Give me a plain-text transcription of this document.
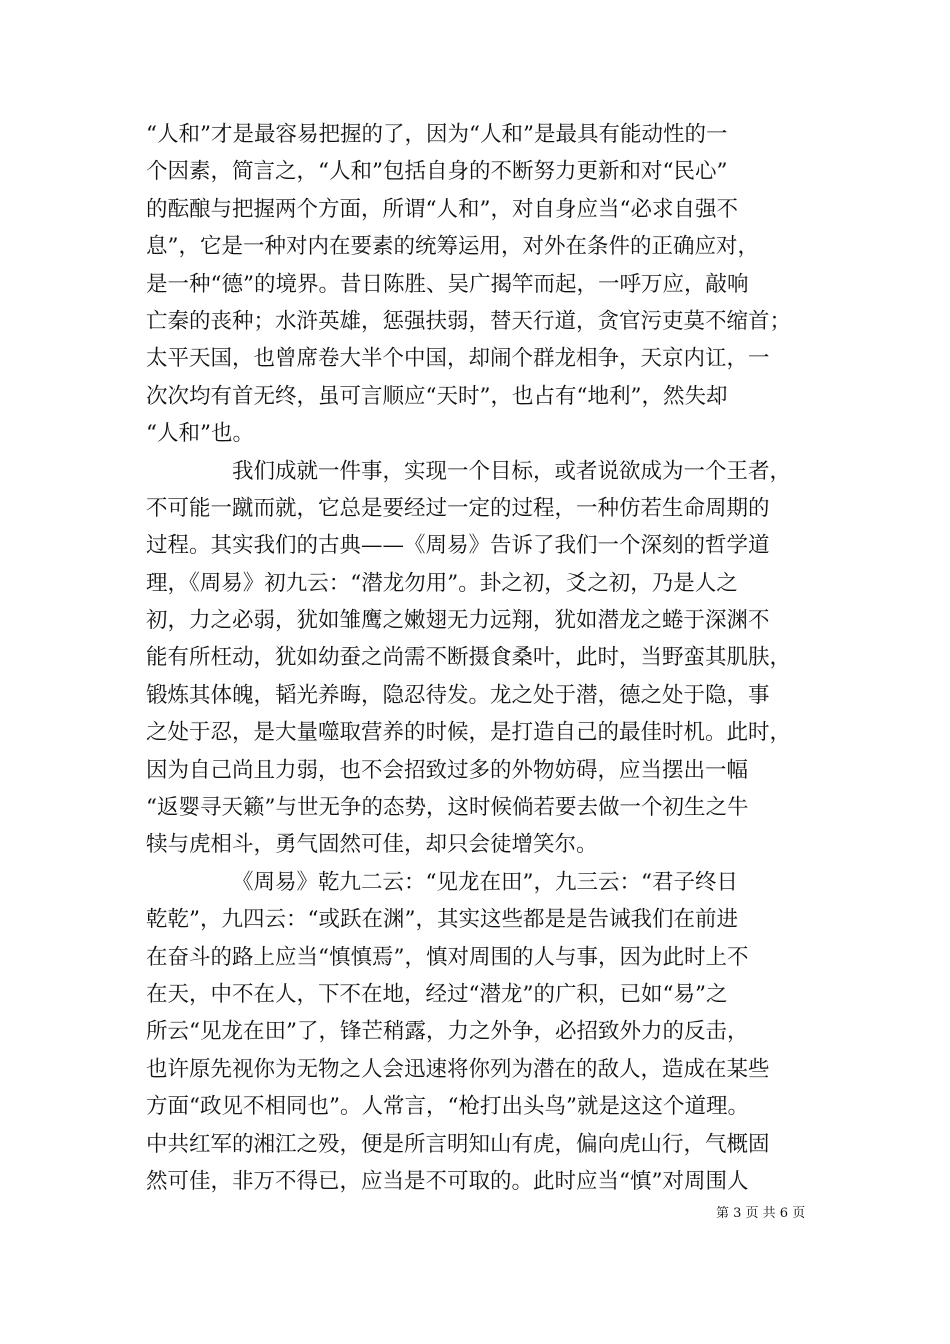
“人和”才是最容易把握的了，因为“人和”是最具有能动性的一
个因素，简言之，“人和”包括自身的不断努力更新和对“民心”
的酝酿与把握两个方面，所谓“人和”，对自身应当“必求自强不
息”，它是一种对内在要素的统筹运用，对外在条件的正确应对，
是一种“德”的境界。昔日陈胜、吴广揭竿而起，一呼万应，敲响
亡秦的丧种；水浒英雄，惩强扶弱，替天行道，贪官污吏莫不缩首；
太平天国，也曾席卷大半个中国，却闹个群龙相争，天京内讧，一
次次均有首无终，虽可言顺应“天时”，也占有“地利”，然失却
“人和”也。
我们成就一件事，实现一个目标，或者说欲成为一个王者，
不可能一蹴而就，它总是要经过一定的过程，一种仿若生命周期的
过程。其实我们的古典——《周易》告诉了我们一个深刻的哲学道
理，《周易》初九云：“潜龙勿用”。卦之初，爻之初，乃是人之
初，力之必弱，犹如雏鹰之嫩翅无力远翔，犹如潜龙之蜷于深渊不
能有所枉动，犹如幼蚕之尚需不断摄食桑叶，此时，当野蛮其肌肤，
锻炼其体魄，韬光养晦，隐忍待发。龙之处于潜，德之处于隐，事
之处于忍，是大量噬取营养的时候，是打造自己的最佳时机。此时，
因为自己尚且力弱，也不会招致过多的外物妨碍，应当摆出一幅
“返婴寻天籁”与世无争的态势，这时候倘若要去做一个初生之牛
犊与虎相斗，勇气固然可佳，却只会徒增笑尔。
《周易》乾九二云：“见龙在田”，九三云：“君子终日
乾乾”，九四云：“或跃在渊”，其实这些都是是告诫我们在前进
在奋斗的路上应当“慎慎焉”，慎对周围的人与事，因为此时上不
在天，中不在人，下不在地，经过“潜龙”的广积，已如“易”之
所云“见龙在田”了，锋芒稍露，力之外争，必招致外力的反击，
也许原先视你为无物之人会迅速将你列为潜在的敌人，造成在某些
方面“政见不相同也”。人常言，“枪打出头鸟”就是这这个道理。
中共红军的湘江之殁，便是所言明知山有虎，偏向虎山行，气概固
然可佳，非万不得已，应当是不可取的。此时应当“慎”对周围人
第 3 页 共 6 页
